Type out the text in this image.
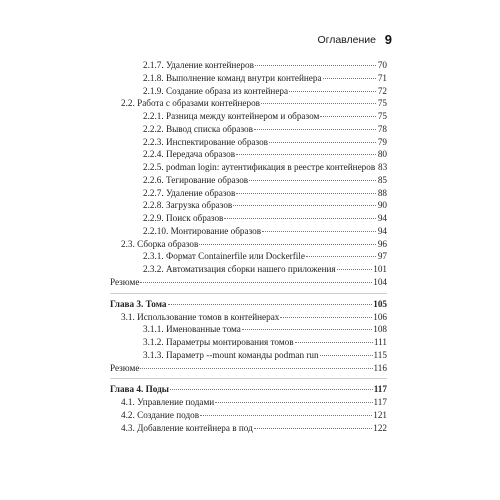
Оглавление 9
2.1.7. Удаление контейнеров	70
2.1.8. Выполнение команд внутри контейнера	71
2.1.9. Создание образа из контейнера	72
2.2. Работа с образами контейнеров	75
2.2.1. Разница между контейнером и образом	75
2.2.2. Вывод списка образов	78
2.2.3. Инспектирование образов	79
2.2.4. Передача образов	80
2.2.5. podman login: аутентификация в реестре контейнеров 83
2.2.6. Тегирование образов	85
2.2.7. Удаление образов	88
2.2.8. Загрузка образов	90
2.2.9. Поиск образов	94
2.2.10. Монтирование образов	94
2.3. Сборка образов	96
2.3.1. Формат Containerfile или Dockerfile	97
2.3.2. Автоматизация сборки нашего приложения	101
Резюме	104
Глава 3. Тома	105
3.1. Использование томов в контейнерах	106
3.1.1. Именованные тома	108
3.1.2. Параметры монтирования томов	111
3.1.3. Параметр --mount команды podman run	115
Резюме	116
Глава 4. Поды	117
4.1. Управление подами	117
4.2. Создание подов	121
4.3. Добавление контейнера в под	122
